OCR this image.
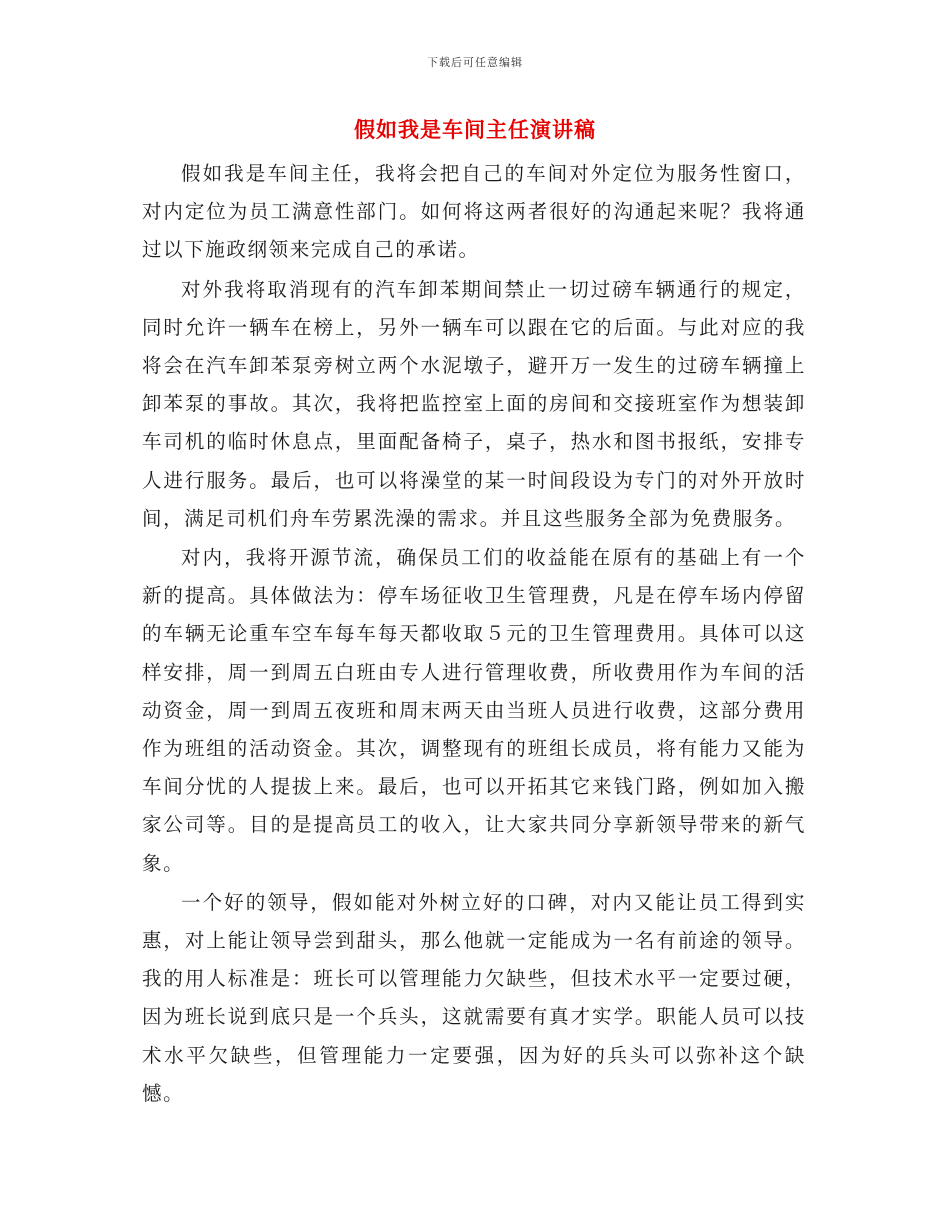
下载后可任意编辑
假如我是车间主任演讲稿

假如我是车间主任，我将会把自己的车间对外定位为服务性窗口，对内定位为员工满意性部门。如何将这两者很好的沟通起来呢？我将通过以下施政纲领来完成自己的承诺。

对外我将取消现有的汽车卸苯期间禁止一切过磅车辆通行的规定，同时允许一辆车在榜上，另外一辆车可以跟在它的后面。与此对应的我将会在汽车卸苯泵旁树立两个水泥墩子，避开万一发生的过磅车辆撞上卸苯泵的事故。其次，我将把监控室上面的房间和交接班室作为想装卸车司机的临时休息点，里面配备椅子，桌子，热水和图书报纸，安排专人进行服务。最后，也可以将澡堂的某一时间段设为专门的对外开放时间，满足司机们舟车劳累洗澡的需求。并且这些服务全部为免费服务。

对内，我将开源节流，确保员工们的收益能在原有的基础上有一个新的提高。具体做法为：停车场征收卫生管理费，凡是在停车场内停留的车辆无论重车空车每车每天都收取５元的卫生管理费用。具体可以这样安排，周一到周五白班由专人进行管理收费，所收费用作为车间的活动资金，周一到周五夜班和周末两天由当班人员进行收费，这部分费用作为班组的活动资金。其次，调整现有的班组长成员，将有能力又能为车间分忧的人提拔上来。最后，也可以开拓其它来钱门路，例如加入搬家公司等。目的是提高员工的收入，让大家共同分享新领导带来的新气象。

一个好的领导，假如能对外树立好的口碑，对内又能让员工得到实惠，对上能让领导尝到甜头，那么他就一定能成为一名有前途的领导。我的用人标准是：班长可以管理能力欠缺些，但技术水平一定要过硬，因为班长说到底只是一个兵头，这就需要有真才实学。职能人员可以技术水平欠缺些，但管理能力一定要强，因为好的兵头可以弥补这个缺憾。
